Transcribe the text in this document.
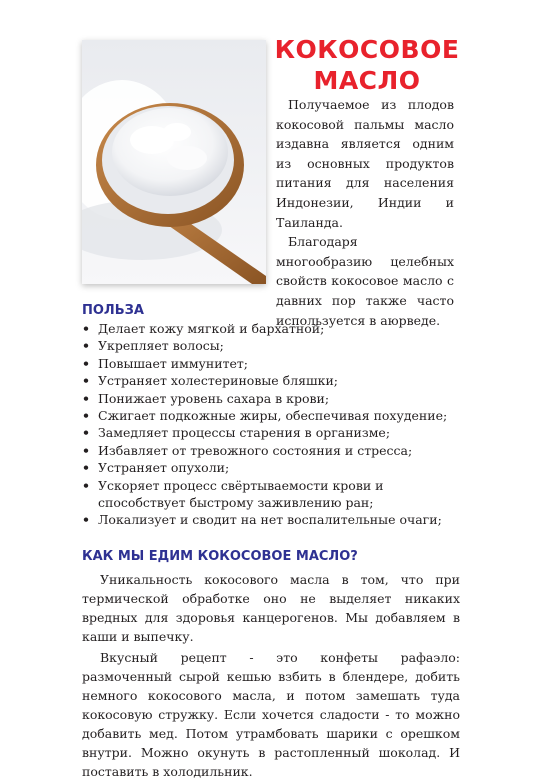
КОКОСОВОЕ
МАСЛО

Получаемое из плодов кокосовой пальмы масло издавна является одним из основных продуктов питания для населения Индонезии, Индии и Таиланда.

Благодаря многообразию целебных свойств кокосовое масло с давних пор также часто используется в аюрведе.

ПОЛЬЗА
• Делает кожу мягкой и бархатной;
• Укрепляет волосы;
• Повышает иммунитет;
• Устраняет холестериновые бляшки;
• Понижает уровень сахара в крови;
• Сжигает подкожные жиры, обеспечивая похудение;
• Замедляет процессы старения в организме;
• Избавляет от тревожного состояния и стресса;
• Устраняет опухоли;
• Ускоряет процесс свёртываемости крови и способствует быстрому заживлению ран;
• Локализует и сводит на нет воспалительные очаги;
КАК МЫ ЕДИМ КОКОСОВОЕ МАСЛО?

Уникальность кокосового масла в том, что при термической обработке оно не выделяет никаких вредных для здоровья канцерогенов. Мы добавляем в каши и выпечку.

Вкусный рецепт - это конфеты рафаэло: размоченный сырой кешью взбить в блендере, добить немного кокосового масла, и потом замешать туда кокосовую стружку. Если хочется сладости - то можно добавить мед. Потом утрамбовать шарики с орешком внутри. Можно окунуть в растопленный шоколад. И поставить в холодильник.
